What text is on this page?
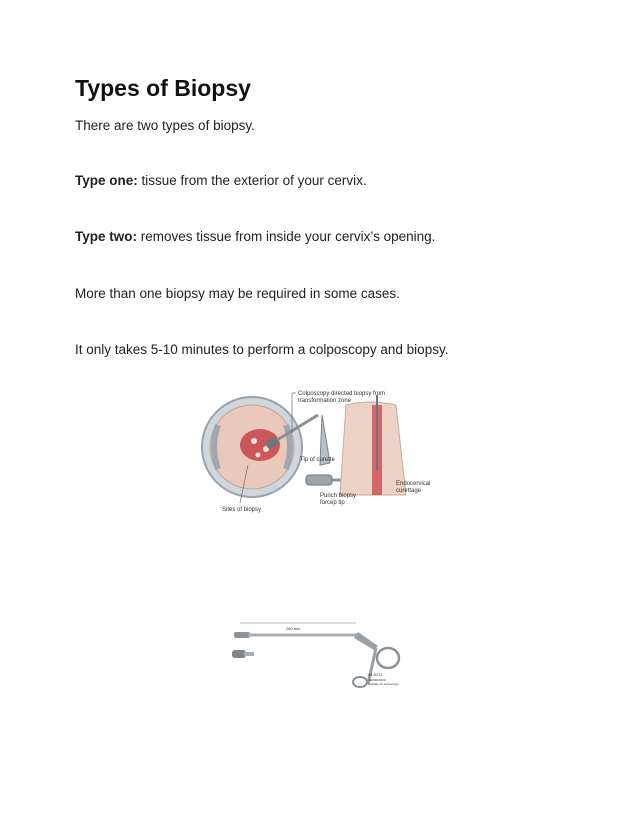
Types of Biopsy

There are two types of biopsy.

Type one: tissue from the exterior of your cervix.

Type two: removes tissue from inside your cervix’s opening.

More than one biopsy may be required in some cases.

It only takes 5-10 minutes to perform a colposcopy and biopsy.

Colposcopy directed biopsy from
transformation zone
Tip of curette
Endocervical
curettage
Punch biopsy
forcep tip
Sites of biopsy
260 mm
44-0231
CE00000000
Suitable for endoscopy
